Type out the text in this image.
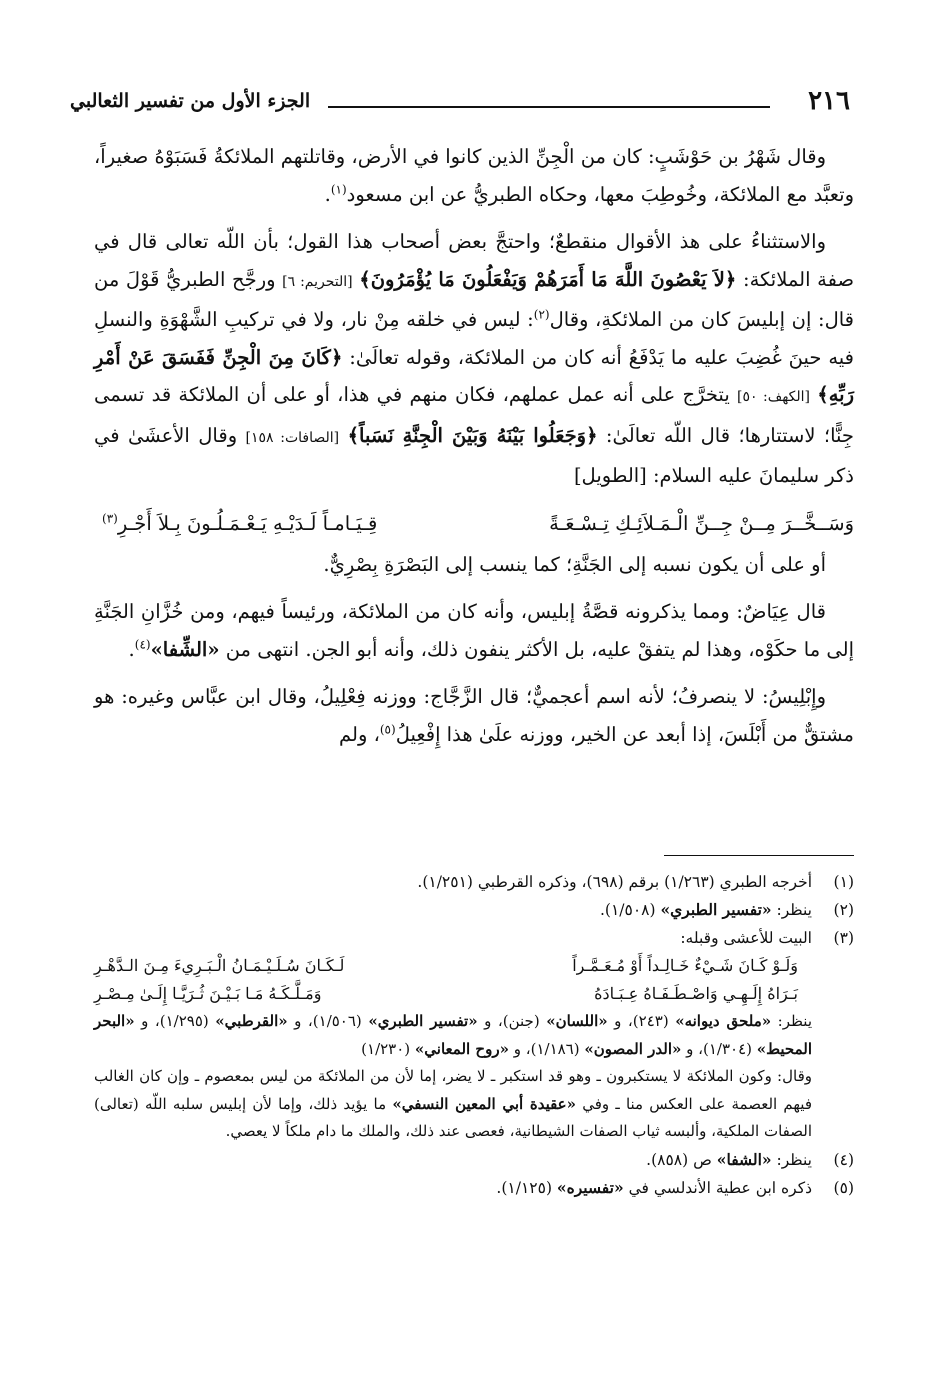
٢١٦
الجزء الأول من تفسير الثعالبي

وقال شَهْرُ بن حَوْشَبٍ: كان من الْجِنِّ الذين كانوا في الأرض، وقاتلتهم الملائكةُ فَسَبَوْهُ صغيراً، وتعبَّد مع الملائكة، وخُوطِبَ معها، وحكاه الطبريُّ عن ابن مسعود$^{(١)}$.

والاستثناءُ على هذ الأقوال منقطعٌ؛ واحتجَّ بعض أصحاب هذا القول؛ بأن اللّه تعالى قال في صفة الملائكة: ﴿لاَ يَعْصُونَ اللَّهَ مَا أَمَرَهُمْ وَيَفْعَلُونَ مَا يُؤْمَرُونَ﴾ [التحريم: ٦] ورجَّح الطبريُّ قَوْلَ من قال: إن إبليسَ كان من الملائكةِ، وقال$^{(٢)}$: ليس في خلقه مِنْ نار، ولا في تركيبِ الشَّهْوَةِ والنسلِ فيه حينَ غُضِبَ عليه ما يَدْفَعُ أنه كان من الملائكة، وقوله تعالَىٰ: ﴿كَانَ مِنَ الْجِنِّ فَفَسَقَ عَنْ أَمْرِ رَبِّهِ﴾ [الكهف: ٥٠] يتخرَّج على أنه عمل عملهم، فكان منهم في هذا، أو على أن الملائكة قد تسمى جِنًّا؛ لاستتارها؛ قال اللّه تعالَىٰ: ﴿وَجَعَلُوا بَيْنَهُ وَبَيْنَ الْجِنَّةِ نَسَباً﴾ [الصافات: ١٥٨] وقال الأعشَىٰ في ذكر سليمانَ عليه السلام: [الطويل]

وَسَــخَّــرَ مِــنْ جِــنِّ الْـمَـلاَئِـكِ تِـسْـعَـةً
قِـيَـامـاً لَـدَيْـهِ يَـعْـمَـلُـونَ بِـلاَ أَجْـرِ$^{(٣)}$

أو على أن يكون نسبه إلى الجَنَّةِ؛ كما ينسب إلى البَصْرَةِ بِصْرِيٌّ.

قال عِيَاضٌ: ومما يذكرونه قصَّةُ إبليس، وأنه كان من الملائكة، ورئيساً فيهم، ومن خُزَّانِ الجَنَّةِ إلى ما حكَوْه، وهذا لم يتفقْ عليه، بل الأكثر ينفون ذلك، وأنه أبو الجن. انتهى من «الشِّفا»$^{(٤)}$.

وإِبْلِيسُ: لا ينصرفُ؛ لأنه اسم أعجميٌّ؛ قال الزَّجَّاج: ووزنه فِعْلِيلُ، وقال ابن عبَّاس وغيره: هو مشتقٌّ من أَبْلَسَ، إذا أبعد عن الخير، ووزنه علَىٰ هذا إِفْعِيلُ$^{(٥)}$، ولم

(١)
أخرجه الطبري (١/٢٦٣) برقم (٦٩٨)، وذكره القرطبي (١/٢٥١).
(٢)
ينظر: «تفسير الطبري» (١/٥٠٨).
(٣)
البيت للأعشى وقبله:
وَلَـوْ كَـانَ شَـيْءٌ خَـالِـداً أَوْ مُـعَـمَّـراً
لَـكَـانَ سُـلَـيْـمَـانُ الْـبَـرِيءَ مِـنَ الـدَّهْـرِ
بَـرَاهُ إِلَـهِـي وَاصْـطَـفَـاهُ عِـبَـادَهُ
وَمَـلَّـكَـهُ مَـا بَـيْـنَ ثُـرَيَّـا إِلَـىٰ مِـصْـرِ
ينظر: «ملحق ديوانه» (٢٤٣)، و «اللسان» (جنن)، و «تفسير الطبري» (١/٥٠٦)، و «القرطبي» (١/٢٩٥)، و «البحر المحيط» (١/٣٠٤)، و «الدر المصون» (١/١٨٦)، و «روح المعاني» (١/٢٣٠)
وقال: وكون الملائكة لا يستكبرون ـ وهو قد استكبر ـ لا يضر، إما لأن من الملائكة من ليس بمعصوم ـ وإن كان الغالب فيهم العصمة على العكس منا ـ وفي «عقيدة أبي المعين النسفي» ما يؤيد ذلك، وإما لأن إبليس سلبه اللّه (تعالى) الصفات الملكية، وألبسه ثياب الصفات الشيطانية، فعصى عند ذلك، والملك ما دام ملكاً لا يعصي.
(٤)
ينظر: «الشفا» ص (٨٥٨).
(٥)
ذكره ابن عطية الأندلسي في «تفسيره» (١/١٢٥).
